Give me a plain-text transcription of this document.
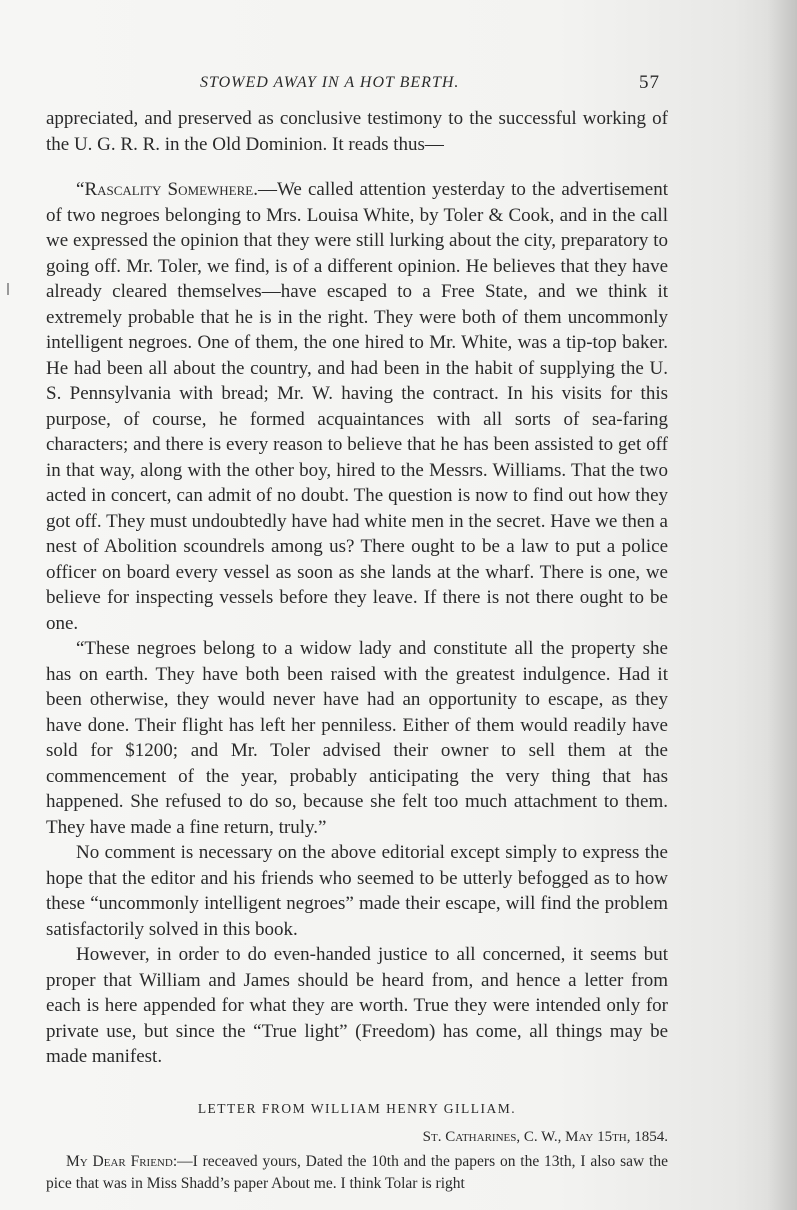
STOWED AWAY IN A HOT BERTH.	57

appreciated, and preserved as conclusive testimony to the successful working of the U. G. R. R. in the Old Dominion. It reads thus—

“Rascality Somewhere.—We called attention yesterday to the advertisement of two negroes belonging to Mrs. Louisa White, by Toler & Cook, and in the call we expressed the opinion that they were still lurking about the city, preparatory to going off. Mr. Toler, we find, is of a different opinion. He believes that they have already cleared themselves—have escaped to a Free State, and we think it extremely probable that he is in the right. They were both of them uncommonly intelligent negroes. One of them, the one hired to Mr. White, was a tip-top baker. He had been all about the country, and had been in the habit of supplying the U. S. Pennsylvania with bread; Mr. W. having the contract. In his visits for this purpose, of course, he formed acquaintances with all sorts of sea-faring characters; and there is every reason to believe that he has been assisted to get off in that way, along with the other boy, hired to the Messrs. Williams. That the two acted in concert, can admit of no doubt. The question is now to find out how they got off. They must undoubtedly have had white men in the secret. Have we then a nest of Abolition scoundrels among us? There ought to be a law to put a police officer on board every vessel as soon as she lands at the wharf. There is one, we believe for inspecting vessels before they leave. If there is not there ought to be one.

“These negroes belong to a widow lady and constitute all the property she has on earth. They have both been raised with the greatest indulgence. Had it been otherwise, they would never have had an opportunity to escape, as they have done. Their flight has left her penniless. Either of them would readily have sold for $1200; and Mr. Toler advised their owner to sell them at the commencement of the year, probably anticipating the very thing that has happened. She refused to do so, because she felt too much attachment to them. They have made a fine return, truly.”

No comment is necessary on the above editorial except simply to express the hope that the editor and his friends who seemed to be utterly befogged as to how these “uncommonly intelligent negroes” made their escape, will find the problem satisfactorily solved in this book.

However, in order to do even-handed justice to all concerned, it seems but proper that William and James should be heard from, and hence a letter from each is here appended for what they are worth. True they were intended only for private use, but since the “True light” (Freedom) has come, all things may be made manifest.

LETTER FROM WILLIAM HENRY GILLIAM.
St. Catharines, C. W., May 15th, 1854.

My Dear Friend:—I receaved yours, Dated the 10th and the papers on the 13th, I also saw the pice that was in Miss Shadd’s paper About me. I think Tolar is right
